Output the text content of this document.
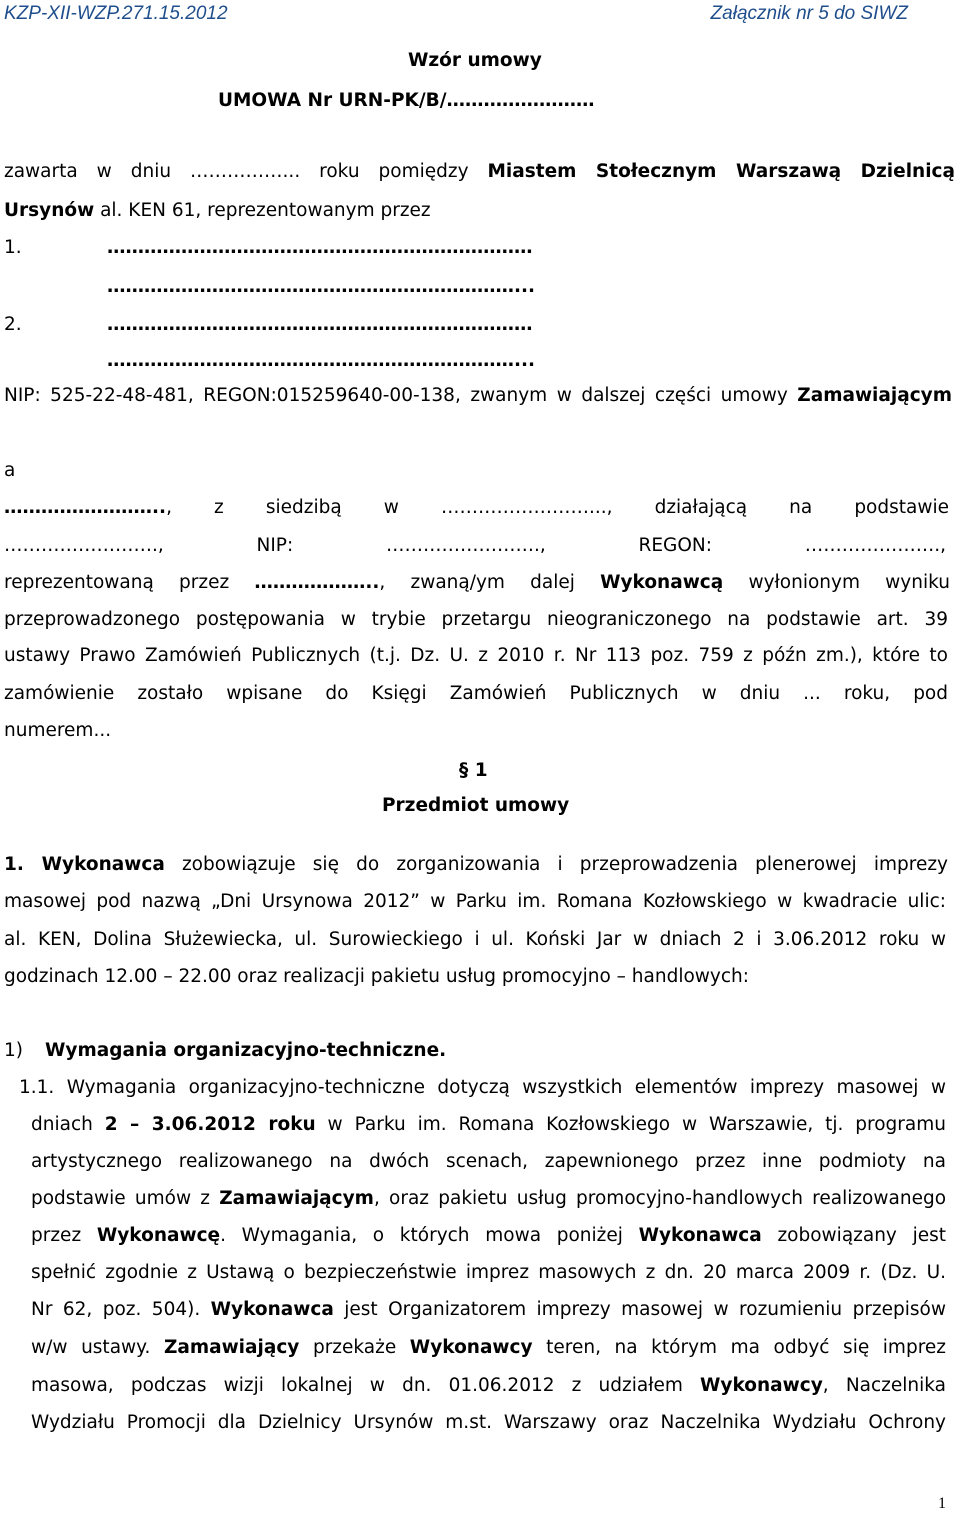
KZP-XII-WZP.271.15.2012	Załącznik nr 5 do SIWZ
Wzór umowy
UMOWA Nr URN-PK/B/……………………
zawarta w dniu ……………... roku pomiędzy Miastem Stołecznym Warszawą Dzielnicą
Ursynów al. KEN 61, reprezentowanym przez
1.	……………………………………………………………
…………………………………………………………...
2.	……………………………………………………………
…………………………………………………………...
NIP: 525-22-48-481, REGON:015259640-00-138, zwanym w dalszej części umowy Zamawiającym
a
…………………….., z siedzibą w ……………………..., działającą na podstawie
……………………., NIP: ……………………., REGON: ………………….,
reprezentowaną przez ……………….., zwaną/ym dalej Wykonawcą wyłonionym wyniku
przeprowadzonego postępowania w trybie przetargu nieograniczonego na podstawie art. 39
ustawy Prawo Zamówień Publicznych (t.j. Dz. U. z 2010 r. Nr 113 poz. 759 z późn zm.), które to
zamówienie zostało wpisane do Księgi Zamówień Publicznych w dniu ... roku, pod
numerem...
§ 1
Przedmiot umowy
1. Wykonawca zobowiązuje się do zorganizowania i przeprowadzenia plenerowej imprezy
masowej pod nazwą „Dni Ursynowa 2012” w Parku im. Romana Kozłowskiego w kwadracie ulic:
al. KEN, Dolina Służewiecka, ul. Surowieckiego i ul. Koński Jar w dniach 2 i 3.06.2012 roku w
godzinach 12.00 – 22.00 oraz realizacji pakietu usług promocyjno – handlowych:
1) Wymagania organizacyjno-techniczne.
1.1. Wymagania organizacyjno-techniczne dotyczą wszystkich elementów imprezy masowej w
dniach 2 – 3.06.2012 roku w Parku im. Romana Kozłowskiego w Warszawie, tj. programu
artystycznego realizowanego na dwóch scenach, zapewnionego przez inne podmioty na
podstawie umów z Zamawiającym, oraz pakietu usług promocyjno-handlowych realizowanego
przez Wykonawcę. Wymagania, o których mowa poniżej Wykonawca zobowiązany jest
spełnić zgodnie z Ustawą o bezpieczeństwie imprez masowych z dn. 20 marca 2009 r. (Dz. U.
Nr 62, poz. 504). Wykonawca jest Organizatorem imprezy masowej w rozumieniu przepisów
w/w ustawy. Zamawiający przekaże Wykonawcy teren, na którym ma odbyć się imprez
masowa, podczas wizji lokalnej w dn. 01.06.2012 z udziałem Wykonawcy, Naczelnika
Wydziału Promocji dla Dzielnicy Ursynów m.st. Warszawy oraz Naczelnika Wydziału Ochrony
1
